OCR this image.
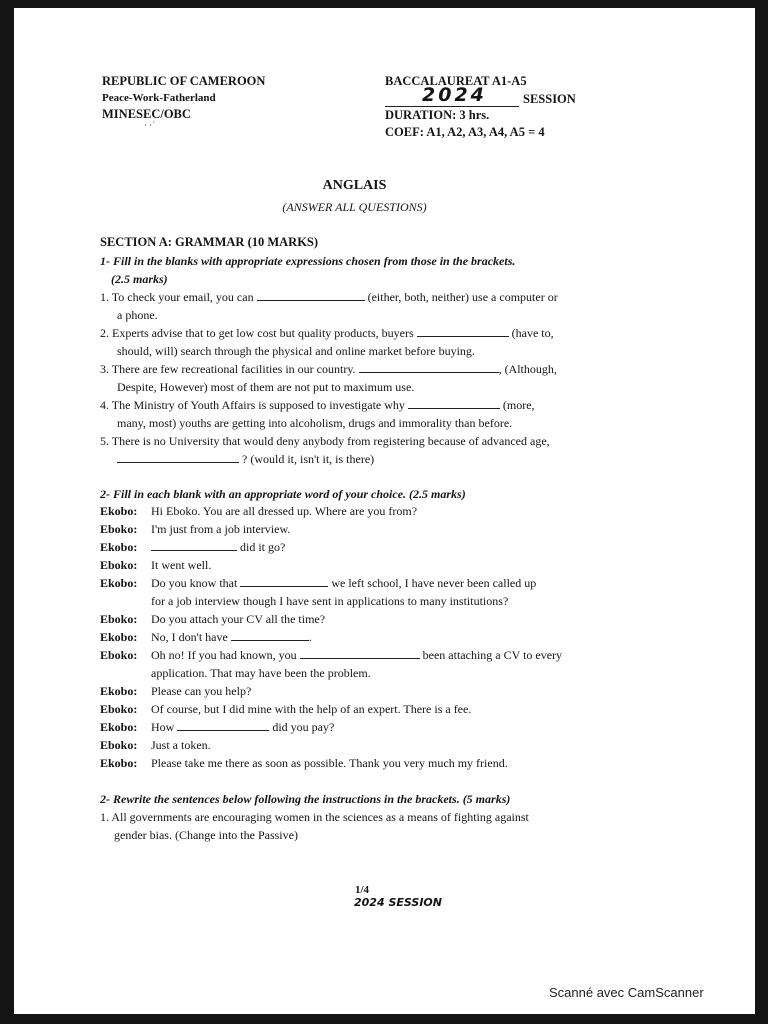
REPUBLIC OF CAMEROON
Peace-Work-Fatherland
MINESEC/OBC
· ·˙
BACCALAUREAT A1-A5
2024	SESSION
DURATION: 3 hrs.
COEF: A1, A2, A3, A4, A5 = 4
ANGLAIS
(ANSWER ALL QUESTIONS)
SECTION A: GRAMMAR (10 MARKS)
1- Fill in the blanks with appropriate expressions chosen from those in the brackets.
(2.5 marks)
1. To check your email, you can	(either, both, neither) use a computer or
a phone.
2. Experts advise that to get low cost but quality products, buyers	(have to,
should, will) search through the physical and online market before buying.
3. There are few recreational facilities in our country.	, (Although,
Despite, However) most of them are not put to maximum use.
4. The Ministry of Youth Affairs is supposed to investigate why	(more,
many, most) youths are getting into alcoholism, drugs and immorality than before.
5. There is no University that would deny anybody from registering because of advanced age,
? (would it, isn't it, is there)
2- Fill in each blank with an appropriate word of your choice. (2.5 marks)
Ekobo: Hi Eboko. You are all dressed up. Where are you from?
Eboko: I'm just from a job interview.
Ekobo:	did it go?
Eboko: It went well.
Ekobo: Do you know that	we left school, I have never been called up
for a job interview though I have sent in applications to many institutions?
Eboko: Do you attach your CV all the time?
Ekobo: No, I don't have	.
Eboko: Oh no! If you had known, you	been attaching a CV to every
application. That may have been the problem.
Ekobo: Please can you help?
Eboko: Of course, but I did mine with the help of an expert. There is a fee.
Ekobo: How	did you pay?
Eboko: Just a token.
Ekobo: Please take me there as soon as possible. Thank you very much my friend.
2- Rewrite the sentences below following the instructions in the brackets. (5 marks)
1. All governments are encouraging women in the sciences as a means of fighting against
gender bias. (Change into the Passive)
1/4
2024 SESSION
Scanné avec CamScanner
